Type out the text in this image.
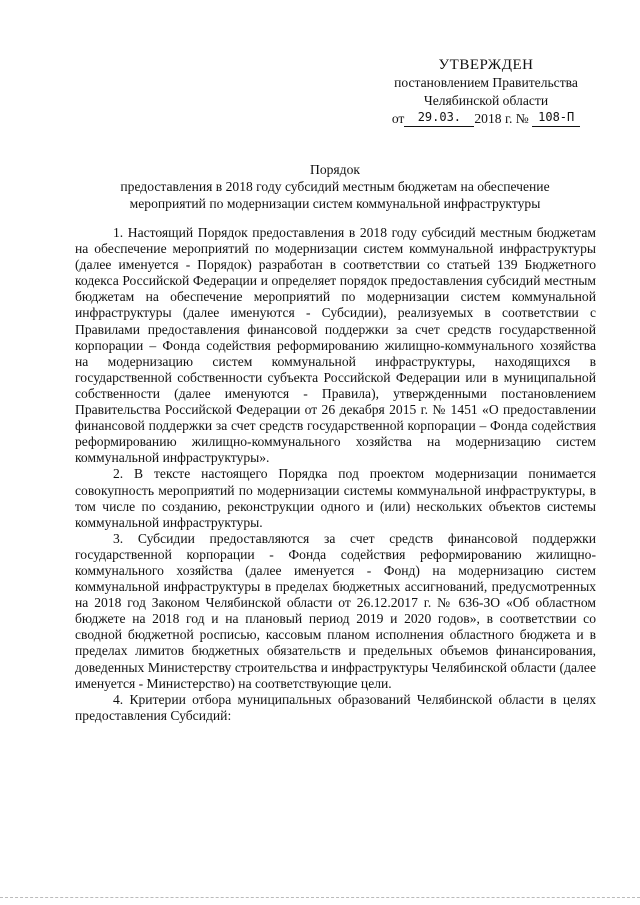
УТВЕРЖДЕН
постановлением Правительства
Челябинской области
от 29.03. 2018 г. № 108-П
Порядок
предоставления в 2018 году субсидий местным бюджетам на обеспечение
мероприятий по модернизации систем коммунальной инфраструктуры

1. Настоящий Порядок предоставления в 2018 году субсидий местным бюджетам на обеспечение мероприятий по модернизации систем коммунальной инфраструктуры (далее именуется - Порядок) разработан в соответствии со статьей 139 Бюджетного кодекса Российской Федерации и определяет порядок предоставления субсидий местным бюджетам на обеспечение мероприятий по модернизации систем коммунальной инфраструктуры (далее именуются - Субсидии), реализуемых в соответствии с Правилами предоставления финансовой поддержки за счет средств государственной корпорации – Фонда содействия реформированию жилищно-коммунального хозяйства на модернизацию систем коммунальной инфраструктуры, находящихся в государственной собственности субъекта Российской Федерации или в муниципальной собственности (далее именуются - Правила), утвержденными постановлением Правительства Российской Федерации от 26 декабря 2015 г. № 1451 «О предоставлении финансовой поддержки за счет средств государственной корпорации – Фонда содействия реформированию жилищно-коммунального хозяйства на модернизацию систем коммунальной инфраструктуры».

2. В тексте настоящего Порядка под проектом модернизации понимается совокупность мероприятий по модернизации системы коммунальной инфраструктуры, в том числе по созданию, реконструкции одного и (или) нескольких объектов системы коммунальной инфраструктуры.

3. Субсидии предоставляются за счет средств финансовой поддержки государственной корпорации - Фонда содействия реформированию жилищно-коммунального хозяйства (далее именуется - Фонд) на модернизацию систем коммунальной инфраструктуры в пределах бюджетных ассигнований, предусмотренных на 2018 год Законом Челябинской области от 26.12.2017 г. № 636-ЗО «Об областном бюджете на 2018 год и на плановый период 2019 и 2020 годов», в соответствии со сводной бюджетной росписью, кассовым планом исполнения областного бюджета и в пределах лимитов бюджетных обязательств и предельных объемов финансирования, доведенных Министерству строительства и инфраструктуры Челябинской области (далее именуется - Министерство) на соответствующие цели.

4. Критерии отбора муниципальных образований Челябинской области в целях предоставления Субсидий:
